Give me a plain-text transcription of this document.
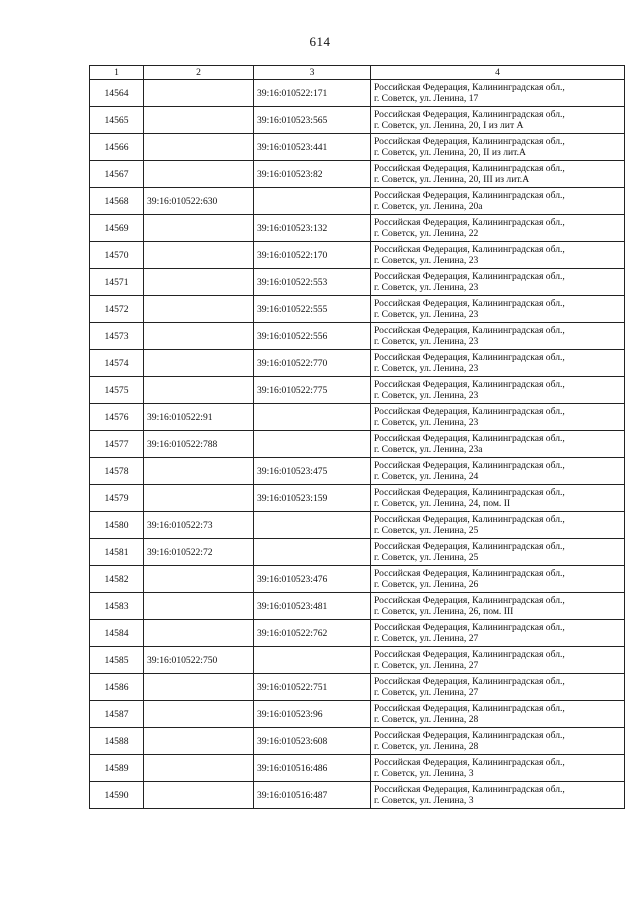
614
1	2	3	4
14564		39:16:010522:171	Российская Федерация, Калининградская обл.,
г. Советск, ул. Ленина, 17

14565		39:16:010523:565	Российская Федерация, Калининградская обл.,
г. Советск, ул. Ленина, 20, I из лит А

14566		39:16:010523:441	Российская Федерация, Калининградская обл.,
г. Советск, ул. Ленина, 20, II из лит.А

14567		39:16:010523:82	Российская Федерация, Калининградская обл.,
г. Советск, ул. Ленина, 20, III из лит.А

14568	39:16:010522:630		Российская Федерация, Калининградская обл.,
г. Советск, ул. Ленина, 20а

14569		39:16:010523:132	Российская Федерация, Калининградская обл.,
г. Советск, ул. Ленина, 22

14570		39:16:010522:170	Российская Федерация, Калининградская обл.,
г. Советск, ул. Ленина, 23

14571		39:16:010522:553	Российская Федерация, Калининградская обл.,
г. Советск, ул. Ленина, 23

14572		39:16:010522:555	Российская Федерация, Калининградская обл.,
г. Советск, ул. Ленина, 23

14573		39:16:010522:556	Российская Федерация, Калининградская обл.,
г. Советск, ул. Ленина, 23

14574		39:16:010522:770	Российская Федерация, Калининградская обл.,
г. Советск, ул. Ленина, 23

14575		39:16:010522:775	Российская Федерация, Калининградская обл.,
г. Советск, ул. Ленина, 23

14576	39:16:010522:91		Российская Федерация, Калининградская обл.,
г. Советск, ул. Ленина, 23

14577	39:16:010522:788		Российская Федерация, Калининградская обл.,
г. Советск, ул. Ленина, 23а

14578		39:16:010523:475	Российская Федерация, Калининградская обл.,
г. Советск, ул. Ленина, 24

14579		39:16:010523:159	Российская Федерация, Калининградская обл.,
г. Советск, ул. Ленина, 24, пом. II

14580	39:16:010522:73		Российская Федерация, Калининградская обл.,
г. Советск, ул. Ленина, 25

14581	39:16:010522:72		Российская Федерация, Калининградская обл.,
г. Советск, ул. Ленина, 25

14582		39:16:010523:476	Российская Федерация, Калининградская обл.,
г. Советск, ул. Ленина, 26

14583		39:16:010523:481	Российская Федерация, Калининградская обл.,
г. Советск, ул. Ленина, 26, пом. III

14584		39:16:010522:762	Российская Федерация, Калининградская обл.,
г. Советск, ул. Ленина, 27

14585	39:16:010522:750		Российская Федерация, Калининградская обл.,
г. Советск, ул. Ленина, 27

14586		39:16:010522:751	Российская Федерация, Калининградская обл.,
г. Советск, ул. Ленина, 27

14587		39:16:010523:96	Российская Федерация, Калининградская обл.,
г. Советск, ул. Ленина, 28

14588		39:16:010523:608	Российская Федерация, Калининградская обл.,
г. Советск, ул. Ленина, 28

14589		39:16:010516:486	Российская Федерация, Калининградская обл.,
г. Советск, ул. Ленина, 3

14590		39:16:010516:487	Российская Федерация, Калининградская обл.,
г. Советск, ул. Ленина, 3
